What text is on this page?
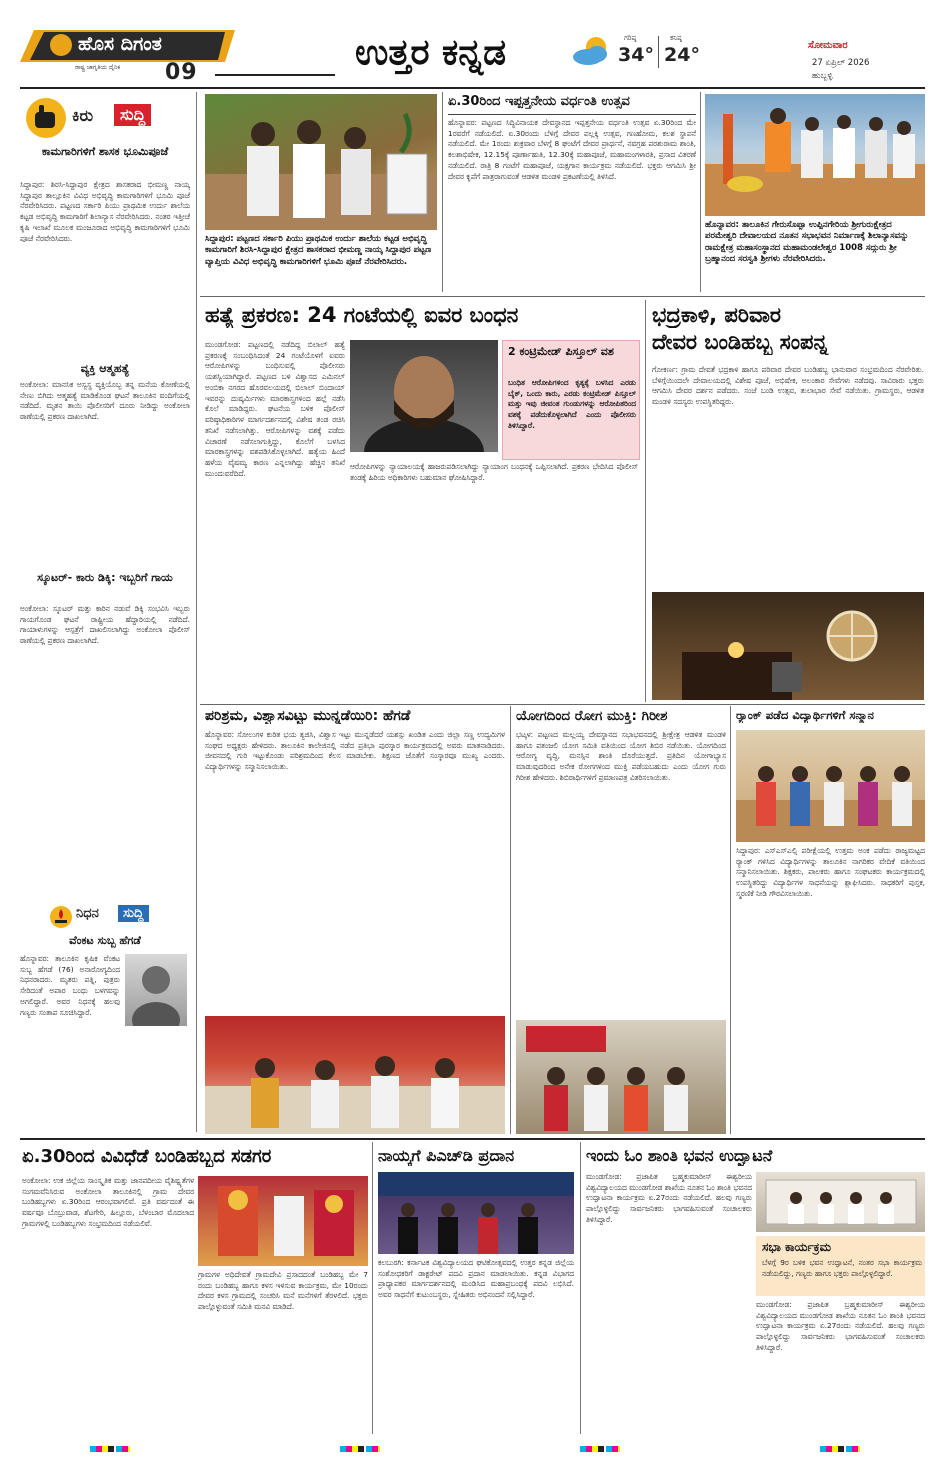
ಹೊಸ ದಿಗಂತ
ರಾಷ್ಟ್ರ ಜಾಗೃತಿಯ ದೈನಿಕ 09	ಉತ್ತರ ಕನ್ನಡ	ಗರಿಷ್ಠ
34°
ಕನಿಷ್ಠ
24°	ಸೋಮವಾರ
27 ಏಪ್ರಿಲ್ 2026
ಹುಬ್ಬಳ್ಳಿ
ಕಿರು	ಸುದ್ದಿ
ಕಾಮಗಾರಿಗಳಿಗೆ ಶಾಸಕ ಭೂಮಿಪೂಜೆ
ಸಿದ್ದಾಪುರ: ಶಿರಸಿ-ಸಿದ್ದಾಪುರ ಕ್ಷೇತ್ರದ ಶಾಸಕರಾದ ಭೀಮಣ್ಣ ನಾಯ್ಕ ಸಿದ್ದಾಪುರ ತಾಲ್ಲೂಕಿನ ವಿವಿಧ ಅಭಿವೃದ್ಧಿ ಕಾಮಗಾರಿಗಳಿಗೆ ಭೂಮಿ ಪೂಜೆ ನೆರವೇರಿಸಿದರು. ಪಟ್ಟಣದ ಸರ್ಕಾರಿ ಪಿಯು ಪ್ರಾಥಮಿಕ ಉರ್ದು ಶಾಲೆಯ ಕಟ್ಟಡ ಅಭಿವೃದ್ಧಿ ಕಾಮಗಾರಿಗೆ ಶಿಲಾನ್ಯಾಸ ನೆರವೇರಿಸಿದರು. ನಂತರ ಇತ್ತೀಚೆ ಕೃಷಿ ಇಲಾಖೆ ಮೂಲಕ ಮಂಜೂರಾದ ಅಭಿವೃದ್ಧಿ ಕಾಮಗಾರಿಗಳಿಗೆ ಭೂಮಿ ಪೂಜೆ ನೆರವೇರಿಸಿದರು.
ವ್ಯಕ್ತಿ ಆತ್ಮಹತ್ಯೆ
ಅಂಕೋಲಾ: ಮಾನಸಿಕ ಅಸ್ವಸ್ಥ ವ್ಯಕ್ತಿಯೊಬ್ಬ ತನ್ನ ಮನೆಯ ಕೋಣೆಯಲ್ಲಿ ನೇಣು ಬಿಗಿದು ಆತ್ಮಹತ್ಯೆ ಮಾಡಿಕೊಂಡ ಘಟನೆ ತಾಲೂಕಿನ ವಂದಿಗೆಯಲ್ಲಿ ನಡೆದಿದೆ. ಮೃತನ ತಾಯಿ ಪೊಲೀಸರಿಗೆ ದೂರು ನೀಡಿದ್ದು ಅಂಕೋಲಾ ಠಾಣೆಯಲ್ಲಿ ಪ್ರಕರಣ ದಾಖಲಾಗಿದೆ.
ಸ್ಕೂಟರ್- ಕಾರು ಡಿಕ್ಕಿ: ಇಬ್ಬರಿಗೆ ಗಾಯ
ಅಂಕೋಲಾ: ಸ್ಕೂಟರ್ ಮತ್ತು ಕಾರಿನ ನಡುವೆ ಡಿಕ್ಕಿ ಸಂಭವಿಸಿ ಇಬ್ಬರು ಗಾಯಗೊಂಡ ಘಟನೆ ರಾಷ್ಟ್ರೀಯ ಹೆದ್ದಾರಿಯಲ್ಲಿ ನಡೆದಿದೆ. ಗಾಯಾಳುಗಳನ್ನು ಆಸ್ಪತ್ರೆಗೆ ದಾಖಲಿಸಲಾಗಿದ್ದು ಅಂಕೋಲಾ ಪೊಲೀಸ್ ಠಾಣೆಯಲ್ಲಿ ಪ್ರಕರಣ ದಾಖಲಾಗಿದೆ.
ನಿಧನ	ಸುದ್ದಿ
ವೆಂಕಟ ಸುಬ್ಬ ಹೆಗಡೆ
ಹೊನ್ನಾವರ: ತಾಲೂಕಿನ ಕೃಷಿಕ ವೆಂಕಟ ಸುಬ್ಬ ಹೆಗಡೆ (76) ಅನಾರೋಗ್ಯದಿಂದ ನಿಧನರಾದರು. ಮೃತರು ಪತ್ನಿ, ಪುತ್ರರು ಸೇರಿದಂತೆ ಅಪಾರ ಬಂಧು ಬಳಗವನ್ನು ಅಗಲಿದ್ದಾರೆ. ಅವರ ನಿಧನಕ್ಕೆ ಹಲವು ಗಣ್ಯರು ಸಂತಾಪ ಸೂಚಿಸಿದ್ದಾರೆ.
ಸಿದ್ದಾಪುರ: ಪಟ್ಟಣದ ಸರ್ಕಾರಿ ಪಿಯು ಪ್ರಾಥಮಿಕ ಉರ್ದು ಶಾಲೆಯ ಕಟ್ಟಡ ಅಭಿವೃದ್ಧಿ ಕಾಮಗಾರಿಗೆ ಶಿರಸಿ-ಸಿದ್ದಾಪುರ ಕ್ಷೇತ್ರದ ಶಾಸಕರಾದ ಭೀಮಣ್ಣ ನಾಯ್ಕ ಸಿದ್ದಾಪುರ ಪಟ್ಟಣ ವ್ಯಾಪ್ತಿಯ ವಿವಿಧ ಅಭಿವೃದ್ಧಿ ಕಾಮಗಾರಿಗಳಿಗೆ ಭೂಮಿ ಪೂಜೆ ನೆರವೇರಿಸಿದರು.
ಏ.30ರಿಂದ ಇಪ್ಪತ್ತನೇಯ ವರ್ಧಂತಿ ಉತ್ಸವ
ಹೊನ್ನಾವರ: ಪಟ್ಟಣದ ಸಿದ್ಧಿವಿನಾಯಕ ದೇವಸ್ಥಾನದ ಇಪ್ಪತ್ತನೇಯ ವರ್ಧಂತಿ ಉತ್ಸವ ಏ.30ರಿಂದ ಮೇ 1ರವರೆಗೆ ನಡೆಯಲಿದೆ. ಏ.30ರಂದು ಬೆಳಿಗ್ಗೆ ದೇವರ ಪಲ್ಲಕ್ಕಿ ಉತ್ಸವ, ಗಣಹೋಮ, ಕಲಶ ಸ್ಥಾಪನೆ ನಡೆಯಲಿದೆ. ಮೇ 1ರಂದು ಶುಕ್ರವಾರ ಬೆಳಗ್ಗೆ 8 ಘಂಟೆಗೆ ದೇವರ ಪ್ರಾರ್ಥನೆ, ನವಗ್ರಹ ಪರಶುರಾಮ ಶಾಂತಿ, ಕಲಶಾಭಿಷೇಕ, 12.15ಕ್ಕೆ ಪೂರ್ಣಾಹುತಿ, 12.30ಕ್ಕೆ ಮಹಾಪೂಜೆ, ಮಹಾಮಂಗಳಾರತಿ, ಪ್ರಸಾದ ವಿತರಣೆ ನಡೆಯಲಿದೆ. ರಾತ್ರಿ 8 ಗಂಟೆಗೆ ಮಹಾಪೂಜೆ, ಯಕ್ಷಗಾನ ಕಾರ್ಯಕ್ರಮ ನಡೆಯಲಿದೆ. ಭಕ್ತರು ಆಗಮಿಸಿ ಶ್ರೀ ದೇವರ ಕೃಪೆಗೆ ಪಾತ್ರರಾಗುವಂತೆ ಆಡಳಿತ ಮಂಡಳಿ ಪ್ರಕಟಣೆಯಲ್ಲಿ ತಿಳಿಸಿದೆ.
ಹೊನ್ನಾವರ: ತಾಲೂಕಿನ ಗೇರುಸೊಪ್ಪಾ ಉಪ್ಪಿನಗೇರಿಯ ಶ್ರೀಗುರುಕ್ಷೇತ್ರದ ಪರಮೇಶ್ವರಿ ದೇವಾಲಯದ ನೂತನ ಸಭಾಭವನ ನಿರ್ಮಾಣಕ್ಕೆ ಶಿಲಾನ್ಯಾಸವನ್ನು ರಾಮಕ್ಷೇತ್ರ ಮಹಾಸಂಸ್ಥಾನದ ಮಹಾಮಂಡಲೇಶ್ವರ 1008 ಸದ್ಗುರು ಶ್ರೀ ಬ್ರಹ್ಮಾನಂದ ಸರಸ್ವತಿ ಶ್ರೀಗಳು ನೆರವೇರಿಸಿದರು.
ಹತ್ಯೆ ಪ್ರಕರಣ: 24 ಗಂಟೆಯಲ್ಲಿ ಐವರ ಬಂಧನ
ಮುಂಡಗೋಡ: ಪಟ್ಟಣದಲ್ಲಿ ನಡೆದಿದ್ದ ಬಿಲಾಲ್ ಹತ್ಯೆ ಪ್ರಕರಣಕ್ಕೆ ಸಂಬಂಧಿಸಿದಂತೆ 24 ಗಂಟೆಯೊಳಗೆ ಐವರು ಆರೋಪಿಗಳನ್ನು ಬಂಧಿಸುವಲ್ಲಿ ಪೊಲೀಸರು ಯಶಸ್ವಿಯಾಗಿದ್ದಾರೆ. ಪಟ್ಟಣದ ಬಳಿ ವಿಶ್ವಾಸದ ಎಮಿನಲ್ ಅಂಬಿಕಾ ನಗರದ ಹೊರವಲಯದಲ್ಲಿ ಬಿಲಾಲ್ ಬಿಂದಾಯ್ ಇವರನ್ನು ದುಷ್ಕರ್ಮಿಗಳು ಮಾರಕಾಸ್ತ್ರಗಳಿಂದ ಹಲ್ಲೆ ನಡೆಸಿ ಕೊಲೆ ಮಾಡಿದ್ದರು. ಘಟನೆಯ ಬಳಿಕ ಪೊಲೀಸ್ ವರಿಷ್ಠಾಧಿಕಾರಿಗಳ ಮಾರ್ಗದರ್ಶನದಲ್ಲಿ ವಿಶೇಷ ತಂಡ ರಚಿಸಿ ತನಿಖೆ ನಡೆಸಲಾಗಿತ್ತು. ಆರೋಪಿಗಳನ್ನು ವಶಕ್ಕೆ ಪಡೆದು ವಿಚಾರಣೆ ನಡೆಸಲಾಗುತ್ತಿದ್ದು, ಕೊಲೆಗೆ ಬಳಸಿದ ಮಾರಕಾಸ್ತ್ರಗಳನ್ನು ವಶಪಡಿಸಿಕೊಳ್ಳಲಾಗಿದೆ. ಹತ್ಯೆಯ ಹಿಂದೆ ಹಳೆಯ ವೈಷಮ್ಯ ಕಾರಣ ಎನ್ನಲಾಗಿದ್ದು ಹೆಚ್ಚಿನ ತನಿಖೆ ಮುಂದುವರೆದಿದೆ.
2 ಕಂಟ್ರಿಮೇಡ್ ಪಿಸ್ತೂಲ್ ವಶ
ಬಂಧಿತ ಆರೋಪಿಗಳಿಂದ ಕೃತ್ಯಕ್ಕೆ ಬಳಸಿದ ಎರಡು ಬೈಕ್, ಒಂದು ಕಾರು, ಎರಡು ಕಂಟ್ರಿಮೇಡ್ ಪಿಸ್ತೂಲ್ ಮತ್ತು ಇವು ಜೀವಂತ ಗುಂಡುಗಳನ್ನು ಆರೋಪಿತರಿಂದ ವಶಕ್ಕೆ ಪಡೆದುಕೊಳ್ಳಲಾಗಿದೆ ಎಂದು ಪೊಲೀಸರು ತಿಳಿಸಿದ್ದಾರೆ.
ಆರೋಪಿಗಳನ್ನು ನ್ಯಾಯಾಲಯಕ್ಕೆ ಹಾಜರುಪಡಿಸಲಾಗಿದ್ದು ನ್ಯಾಯಾಂಗ ಬಂಧನಕ್ಕೆ ಒಪ್ಪಿಸಲಾಗಿದೆ. ಪ್ರಕರಣ ಭೇದಿಸಿದ ಪೊಲೀಸ್ ತಂಡಕ್ಕೆ ಹಿರಿಯ ಅಧಿಕಾರಿಗಳು ಬಹುಮಾನ ಘೋಷಿಸಿದ್ದಾರೆ.
ಭದ್ರಕಾಳಿ, ಪರಿವಾರ
ದೇವರ ಬಂಡಿಹಬ್ಬ ಸಂಪನ್ನ
ಗೋಕರ್ಣ: ಗ್ರಾಮ ದೇವತೆ ಭದ್ರಕಾಳಿ ಹಾಗೂ ಪರಿವಾರ ದೇವರ ಬಂಡಿಹಬ್ಬ ಭಾನುವಾರ ಸಂಭ್ರಮದಿಂದ ನೆರವೇರಿತು. ಬೆಳಿಗ್ಗೆಯಿಂದಲೇ ದೇವಾಲಯದಲ್ಲಿ ವಿಶೇಷ ಪೂಜೆ, ಅಭಿಷೇಕ, ಅಲಂಕಾರ ಸೇವೆಗಳು ನಡೆದವು. ಸಾವಿರಾರು ಭಕ್ತರು ಆಗಮಿಸಿ ದೇವರ ದರ್ಶನ ಪಡೆದರು. ಸಂಜೆ ಬಂಡಿ ಉತ್ಸವ, ತುಲಾಭಾರ ಸೇವೆ ನಡೆಯಿತು. ಗ್ರಾಮಸ್ಥರು, ಆಡಳಿತ ಮಂಡಳಿ ಸದಸ್ಯರು ಉಪಸ್ಥಿತರಿದ್ದರು.
ಪರಿಶ್ರಮ, ವಿಶ್ವಾಸವಿಟ್ಟು ಮುನ್ನಡೆಯಿರಿ: ಹೆಗಡೆ
ಹೊನ್ನಾವರ: ಸೋಲುಗಳ ಕುರಿತ ಭಯ ತ್ಯಜಿಸಿ, ವಿಶ್ವಾಸ ಇಟ್ಟು ಮುನ್ನಡೆದರೆ ಯಶಸ್ಸು ಖಂಡಿತ ಎಂದು ಜಿಲ್ಲಾ ಸಣ್ಣ ಉದ್ಯಮಿಗಳ ಸಂಘದ ಅಧ್ಯಕ್ಷರು ಹೇಳಿದರು. ತಾಲೂಕಿನ ಕಾಲೇಜಿನಲ್ಲಿ ನಡೆದ ಪ್ರತಿಭಾ ಪುರಸ್ಕಾರ ಕಾರ್ಯಕ್ರಮದಲ್ಲಿ ಅವರು ಮಾತನಾಡಿದರು. ಜೀವನದಲ್ಲಿ ಗುರಿ ಇಟ್ಟುಕೊಂಡು ಪರಿಶ್ರಮದಿಂದ ಕೆಲಸ ಮಾಡಬೇಕು. ಶಿಕ್ಷಣದ ಜೊತೆಗೆ ಸಂಸ್ಕಾರವೂ ಮುಖ್ಯ ಎಂದರು. ವಿದ್ಯಾರ್ಥಿಗಳನ್ನು ಸನ್ಮಾನಿಸಲಾಯಿತು.
ಯೋಗದಿಂದ ರೋಗ ಮುಕ್ತಿ: ಗಿರೀಶ
ಭಟ್ಕಳ: ಪಟ್ಟಣದ ಮಲ್ಲಯ್ಯ ದೇವಸ್ಥಾನದ ಸಭಾಭವನದಲ್ಲಿ ಶ್ರೀಕ್ಷೇತ್ರ ಆಡಳಿತ ಮಂಡಳಿ ಹಾಗೂ ಪತಂಜಲಿ ಯೋಗ ಸಮಿತಿ ವತಿಯಿಂದ ಯೋಗ ಶಿಬಿರ ನಡೆಯಿತು. ಯೋಗದಿಂದ ಆರೋಗ್ಯ ವೃದ್ಧಿ, ಮನಸ್ಸಿನ ಶಾಂತಿ ದೊರೆಯುತ್ತದೆ. ಪ್ರತಿದಿನ ಯೋಗಾಭ್ಯಾಸ ಮಾಡುವುದರಿಂದ ಅನೇಕ ರೋಗಗಳಿಂದ ಮುಕ್ತಿ ಪಡೆಯಬಹುದು ಎಂದು ಯೋಗ ಗುರು ಗಿರೀಶ ಹೇಳಿದರು. ಶಿಬಿರಾರ್ಥಿಗಳಿಗೆ ಪ್ರಮಾಣಪತ್ರ ವಿತರಿಸಲಾಯಿತು.
ರ್‍ಯಾಂಕ್ ಪಡೆದ ವಿದ್ಯಾರ್ಥಿಗಳಿಗೆ ಸನ್ಮಾನ
ಸಿದ್ದಾಪುರ: ಎಸ್ಎಸ್ಎಲ್ಸಿ ಪರೀಕ್ಷೆಯಲ್ಲಿ ಉತ್ತಮ ಅಂಕ ಪಡೆದು ರಾಜ್ಯಮಟ್ಟದ ರ್‍ಯಾಂಕ್ ಗಳಿಸಿದ ವಿದ್ಯಾರ್ಥಿಗಳನ್ನು ತಾಲೂಕಿನ ನಾಗರಿಕರ ವೇದಿಕೆ ವತಿಯಿಂದ ಸನ್ಮಾನಿಸಲಾಯಿತು. ಶಿಕ್ಷಕರು, ಪಾಲಕರು ಹಾಗೂ ಸಂಘಟಕರು ಕಾರ್ಯಕ್ರಮದಲ್ಲಿ ಉಪಸ್ಥಿತರಿದ್ದು ವಿದ್ಯಾರ್ಥಿಗಳ ಸಾಧನೆಯನ್ನು ಶ್ಲಾಘಿಸಿದರು. ಸಾಧಕರಿಗೆ ಪುಸ್ತಕ, ಸ್ಮರಣಿಕೆ ನೀಡಿ ಗೌರವಿಸಲಾಯಿತು.
ಏ.30ರಿಂದ ವಿವಿಧೆಡೆ ಬಂಡಿಹಬ್ಬದ ಸಡಗರ
ಅಂಕೋಲಾ: ಉಕ ಜಿಲ್ಲೆಯ ಸಾಂಸ್ಕೃತಿಕ ಮತ್ತು ಜಾನಪದೀಯ ವೈಶಿಷ್ಟ್ಯತೆಗಳ ಸಂಗಮವೆನಿಸಿರುವ ಅಂಕೋಲಾ ತಾಲೂಕಿನಲ್ಲಿ ಗ್ರಾಮ ದೇವರ ಬಂಡಿಹಬ್ಬಗಳು ಏ.30ರಿಂದ ಆರಂಭವಾಗಲಿವೆ. ಪ್ರತಿ ವರ್ಷದಂತೆ ಈ ವರ್ಷವೂ ಬೊಬ್ರುವಾಡ, ಶೆಟಗೇರಿ, ಹಿಲ್ಲೂರು, ಬೆಳಂಬಾರ ಮೊದಲಾದ ಗ್ರಾಮಗಳಲ್ಲಿ ಬಂಡಿಹಬ್ಬಗಳು ಸಂಭ್ರಮದಿಂದ ನಡೆಯಲಿವೆ.
ಗ್ರಾಮಗಳ ಅಧಿದೇವತೆ ಗ್ರಾಮದೇವಿ ಪ್ರಸಾದದಂತೆ ಬಂಡಿಹಬ್ಬ ಮೇ 7 ರಂದು ಬಂಡಿಹಬ್ಬ ಹಾಗೂ ಕಳಸ ಇಳಿಸುವ ಕಾರ್ಯಕ್ರಮ, ಮೇ 10ರಂದು ದೇವರ ಕಳಸ ಗ್ರಾಮದಲ್ಲಿ ಸಂಚರಿಸಿ ಮನೆ ಮನೆಗಳಿಗೆ ತೆರಳಲಿದೆ. ಭಕ್ತರು ಪಾಲ್ಗೊಳ್ಳುವಂತೆ ಸಮಿತಿ ಮನವಿ ಮಾಡಿದೆ.
ನಾಯ್ಕಗೆ ಪಿಎಚ್‌ಡಿ ಪ್ರದಾನ
ಕಲಬುರಗಿ: ಕರ್ನಾಟಕ ವಿಶ್ವವಿದ್ಯಾಲಯದ ಘಟಿಕೋತ್ಸವದಲ್ಲಿ ಉತ್ತರ ಕನ್ನಡ ಜಿಲ್ಲೆಯ ಸಂಶೋಧಕರಿಗೆ ಡಾಕ್ಟರೇಟ್ ಪದವಿ ಪ್ರದಾನ ಮಾಡಲಾಯಿತು. ಕನ್ನಡ ವಿಭಾಗದ ಪ್ರಾಧ್ಯಾಪಕರ ಮಾರ್ಗದರ್ಶನದಲ್ಲಿ ಮಂಡಿಸಿದ ಮಹಾಪ್ರಬಂಧಕ್ಕೆ ಪದವಿ ಲಭಿಸಿದೆ. ಅವರ ಸಾಧನೆಗೆ ಕುಟುಂಬಸ್ಥರು, ಸ್ನೇಹಿತರು ಅಭಿನಂದನೆ ಸಲ್ಲಿಸಿದ್ದಾರೆ.
ಇಂದು ಓಂ ಶಾಂತಿ ಭವನ ಉದ್ಘಾಟನೆ
ಮುಂಡಗೋಡ: ಪ್ರಜಾಪಿತ ಬ್ರಹ್ಮಕುಮಾರೀಸ್ ಈಶ್ವರೀಯ ವಿಶ್ವವಿದ್ಯಾಲಯದ ಮುಂಡಗೋಡ ಶಾಖೆಯ ನೂತನ ಓಂ ಶಾಂತಿ ಭವನದ ಉದ್ಘಾಟನಾ ಕಾರ್ಯಕ್ರಮ ಏ.27ರಂದು ನಡೆಯಲಿದೆ. ಹಲವು ಗಣ್ಯರು ಪಾಲ್ಗೊಳ್ಳಲಿದ್ದು ಸಾರ್ವಜನಿಕರು ಭಾಗವಹಿಸುವಂತೆ ಸಂಚಾಲಕರು ತಿಳಿಸಿದ್ದಾರೆ.
ಸಭಾ ಕಾರ್ಯಕ್ರಮ
ಬೆಳಗ್ಗೆ 9ರ ಬಳಿಕ ಭವನ ಉದ್ಘಾಟನೆ, ನಂತರ ಸಭಾ ಕಾರ್ಯಕ್ರಮ ನಡೆಯಲಿದ್ದು, ಗಣ್ಯರು ಹಾಗೂ ಭಕ್ತರು ಪಾಲ್ಗೊಳ್ಳಲಿದ್ದಾರೆ.
ಮುಂಡಗೋಡ: ಪ್ರಜಾಪಿತ ಬ್ರಹ್ಮಕುಮಾರೀಸ್ ಈಶ್ವರೀಯ ವಿಶ್ವವಿದ್ಯಾಲಯದ ಮುಂಡಗೋಡ ಶಾಖೆಯ ನೂತನ ಓಂ ಶಾಂತಿ ಭವನದ ಉದ್ಘಾಟನಾ ಕಾರ್ಯಕ್ರಮ ಏ.27ರಂದು ನಡೆಯಲಿದೆ. ಹಲವು ಗಣ್ಯರು ಪಾಲ್ಗೊಳ್ಳಲಿದ್ದು ಸಾರ್ವಜನಿಕರು ಭಾಗವಹಿಸುವಂತೆ ಸಂಚಾಲಕರು ತಿಳಿಸಿದ್ದಾರೆ.
